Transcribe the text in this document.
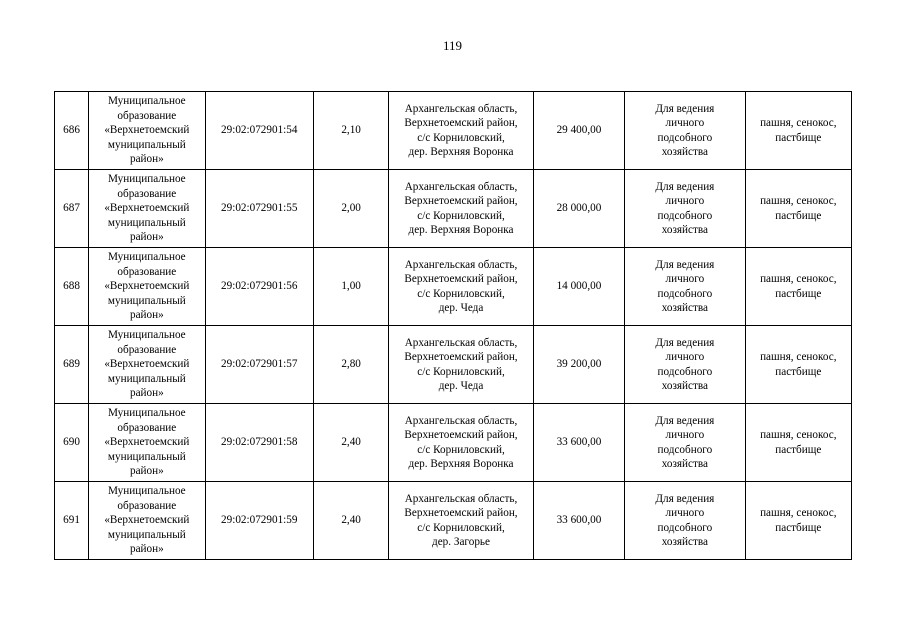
119
686	Муниципальное
образование
«Верхнетоемский
муниципальный
район»	29:02:072901:54	2,10	Архангельская область,
Верхнетоемский район,
с/с Корниловский,
дер. Верхняя Воронка	29 400,00	Для ведения
личного
подсобного
хозяйства	пашня, сенокос,
пастбище

687	Муниципальное
образование
«Верхнетоемский
муниципальный
район»	29:02:072901:55	2,00	Архангельская область,
Верхнетоемский район,
с/с Корниловский,
дер. Верхняя Воронка	28 000,00	Для ведения
личного
подсобного
хозяйства	пашня, сенокос,
пастбище

688	Муниципальное
образование
«Верхнетоемский
муниципальный
район»	29:02:072901:56	1,00	Архангельская область,
Верхнетоемский район,
с/с Корниловский,
дер. Чеда	14 000,00	Для ведения
личного
подсобного
хозяйства	пашня, сенокос,
пастбище

689	Муниципальное
образование
«Верхнетоемский
муниципальный
район»	29:02:072901:57	2,80	Архангельская область,
Верхнетоемский район,
с/с Корниловский,
дер. Чеда	39 200,00	Для ведения
личного
подсобного
хозяйства	пашня, сенокос,
пастбище

690	Муниципальное
образование
«Верхнетоемский
муниципальный
район»	29:02:072901:58	2,40	Архангельская область,
Верхнетоемский район,
с/с Корниловский,
дер. Верхняя Воронка	33 600,00	Для ведения
личного
подсобного
хозяйства	пашня, сенокос,
пастбище

691	Муниципальное
образование
«Верхнетоемский
муниципальный
район»	29:02:072901:59	2,40	Архангельская область,
Верхнетоемский район,
с/с Корниловский,
дер. Загорье	33 600,00	Для ведения
личного
подсобного
хозяйства	пашня, сенокос,
пастбище
